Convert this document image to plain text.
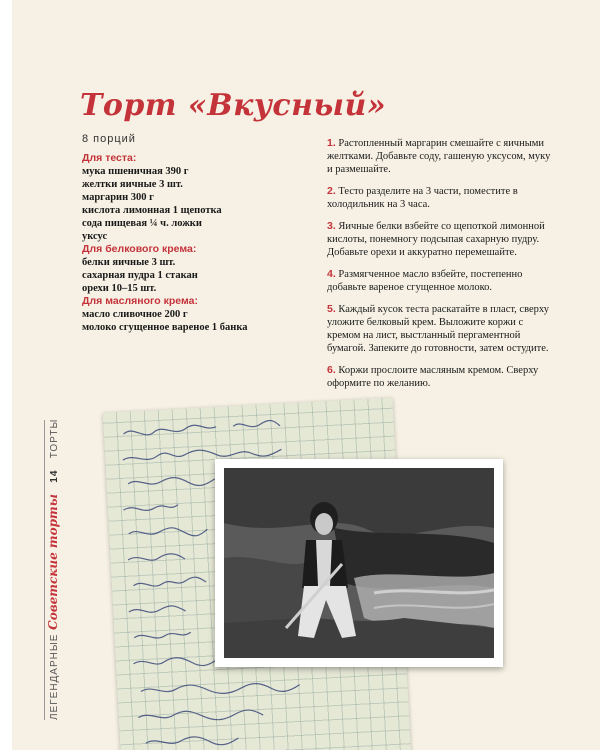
Торт «Вкусный»
8 порций
Для теста:
мука пшеничная 390 г
желтки яичные 3 шт.
маргарин 300 г
кислота лимонная 1 щепотка
сода пищевая ¼ ч. ложки
уксус
Для белкового крема:
белки яичные 3 шт.
сахарная пудра 1 стакан
орехи 10–15 шт.
Для масляного крема:
масло сливочное 200 г
молоко сгущенное вареное 1 банка
1. Растопленный маргарин смешайте с яичными желтками. Добавьте соду, гашеную уксусом, муку и размешайте.
2. Тесто разделите на 3 части, поместите в холодильник на 3 часа.
3. Яичные белки взбейте со щепоткой лимонной кислоты, понемногу подсыпая сахарную пудру. Добавьте орехи и аккуратно перемешайте.
4. Размягченное масло взбейте, постепенно добавьте вареное сгущенное молоко.
5. Каждый кусок теста раскатайте в пласт, сверху уложите белковый крем. Выложите коржи с кремом на лист, выстланный пергаментной бумагой. Запеките до готовности, затем остудите.
6. Коржи прослоите масляным кремом. Сверху оформите по желанию.
ЛЕГЕНДАРНЫЕ Советские торты   14   ТОРТЫ
